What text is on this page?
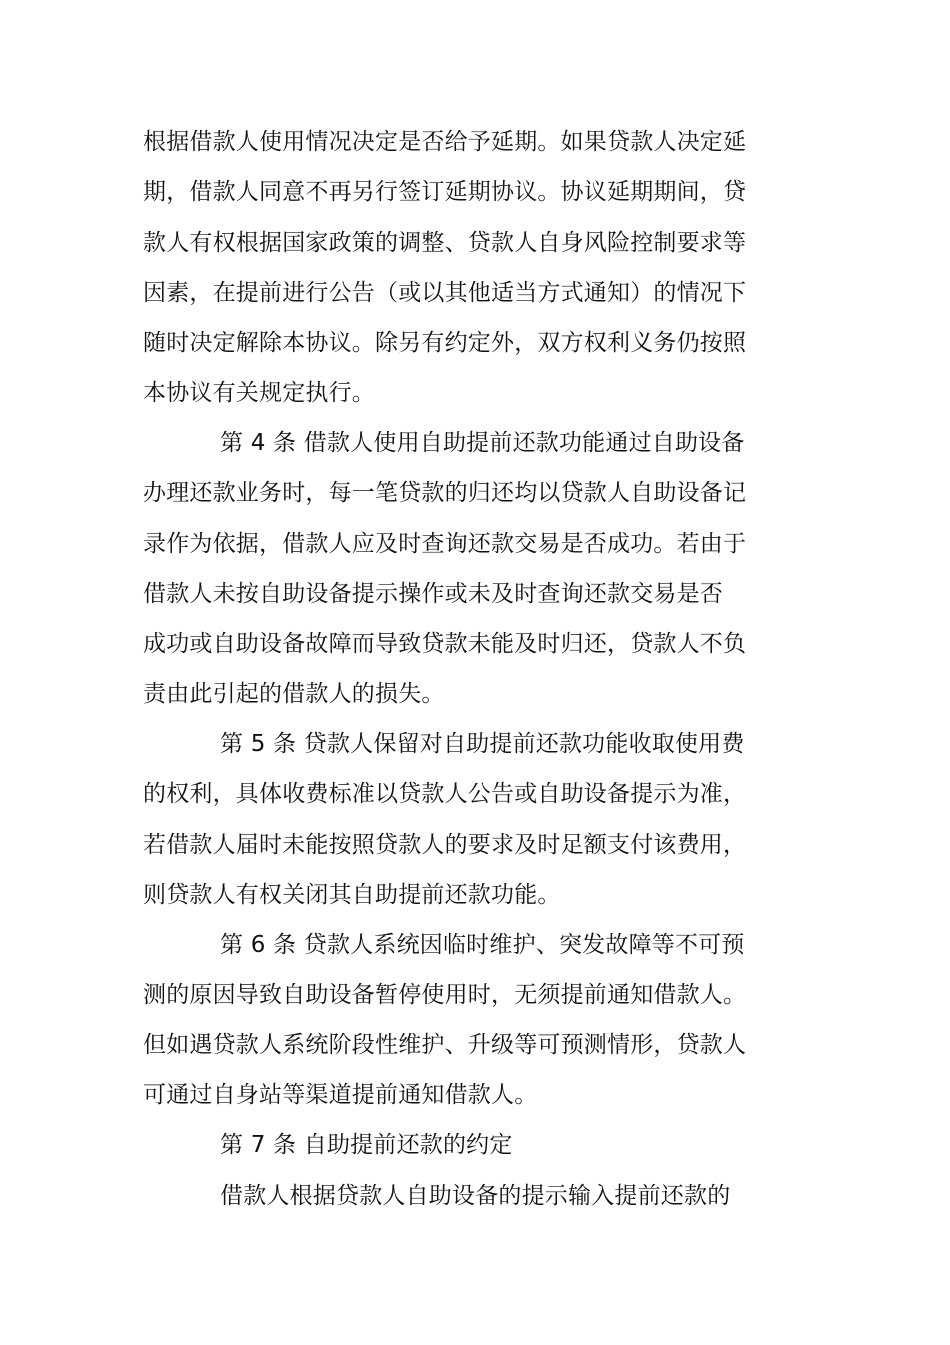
根据借款人使用情况决定是否给予延期。如果贷款人决定延
期，借款人同意不再另行签订延期协议。协议延期期间，贷
款人有权根据国家政策的调整、贷款人自身风险控制要求等
因素，在提前进行公告（或以其他适当方式通知）的情况下
随时决定解除本协议。除另有约定外，双方权利义务仍按照
本协议有关规定执行。
第 4 条 借款人使用自助提前还款功能通过自助设备
办理还款业务时，每一笔贷款的归还均以贷款人自助设备记
录作为依据，借款人应及时查询还款交易是否成功。若由于
借款人未按自助设备提示操作或未及时查询还款交易是否
成功或自助设备故障而导致贷款未能及时归还，贷款人不负
责由此引起的借款人的损失。
第 5 条 贷款人保留对自助提前还款功能收取使用费
的权利，具体收费标准以贷款人公告或自助设备提示为准，
若借款人届时未能按照贷款人的要求及时足额支付该费用，
则贷款人有权关闭其自助提前还款功能。
第 6 条 贷款人系统因临时维护、突发故障等不可预
测的原因导致自助设备暂停使用时，无须提前通知借款人。
但如遇贷款人系统阶段性维护、升级等可预测情形，贷款人
可通过自身站等渠道提前通知借款人。
第 7 条 自助提前还款的约定
借款人根据贷款人自助设备的提示输入提前还款的
